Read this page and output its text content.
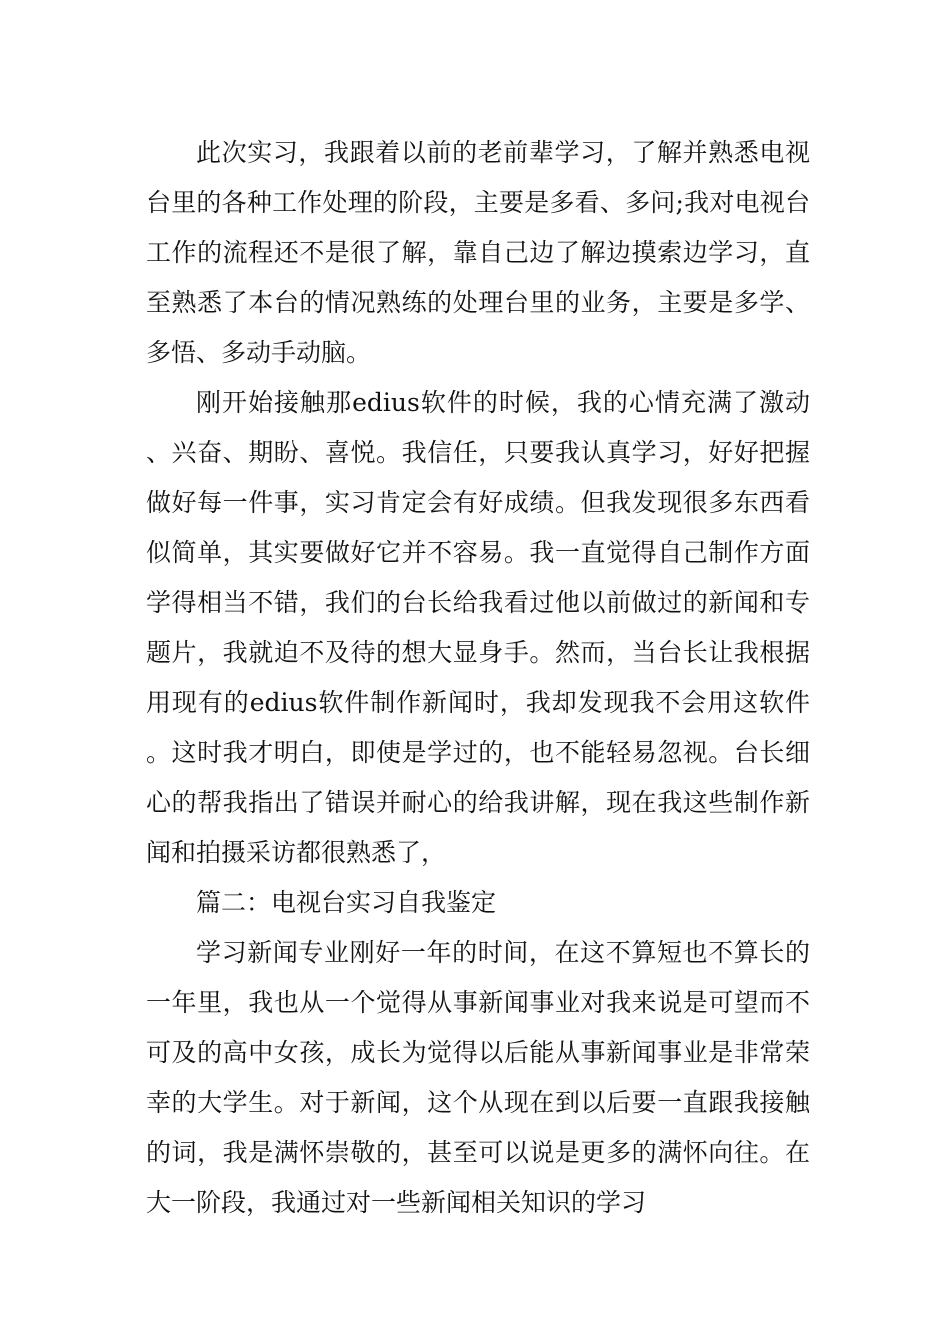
此次实习，我跟着以前的老前辈学习，了解并熟悉电视台里的各种工作处理的阶段，主要是多看、多问;我对电视台工作的流程还不是很了解，靠自己边了解边摸索边学习，直至熟悉了本台的情况熟练的处理台里的业务，主要是多学、多悟、多动手动脑。

刚开始接触那edius软件的时候，我的心情充满了激动、兴奋、期盼、喜悦。我信任，只要我认真学习，好好把握做好每一件事，实习肯定会有好成绩。但我发现很多东西看似简单，其实要做好它并不容易。我一直觉得自己制作方面学得相当不错，我们的台长给我看过他以前做过的新闻和专题片，我就迫不及待的想大显身手。然而，当台长让我根据用现有的edius软件制作新闻时，我却发现我不会用这软件。这时我才明白，即使是学过的，也不能轻易忽视。台长细心的帮我指出了错误并耐心的给我讲解，现在我这些制作新闻和拍摄采访都很熟悉了，

篇二：电视台实习自我鉴定

学习新闻专业刚好一年的时间，在这不算短也不算长的一年里，我也从一个觉得从事新闻事业对我来说是可望而不可及的高中女孩，成长为觉得以后能从事新闻事业是非常荣幸的大学生。对于新闻，这个从现在到以后要一直跟我接触的词，我是满怀崇敬的，甚至可以说是更多的满怀向往。在大一阶段，我通过对一些新闻相关知识的学习
